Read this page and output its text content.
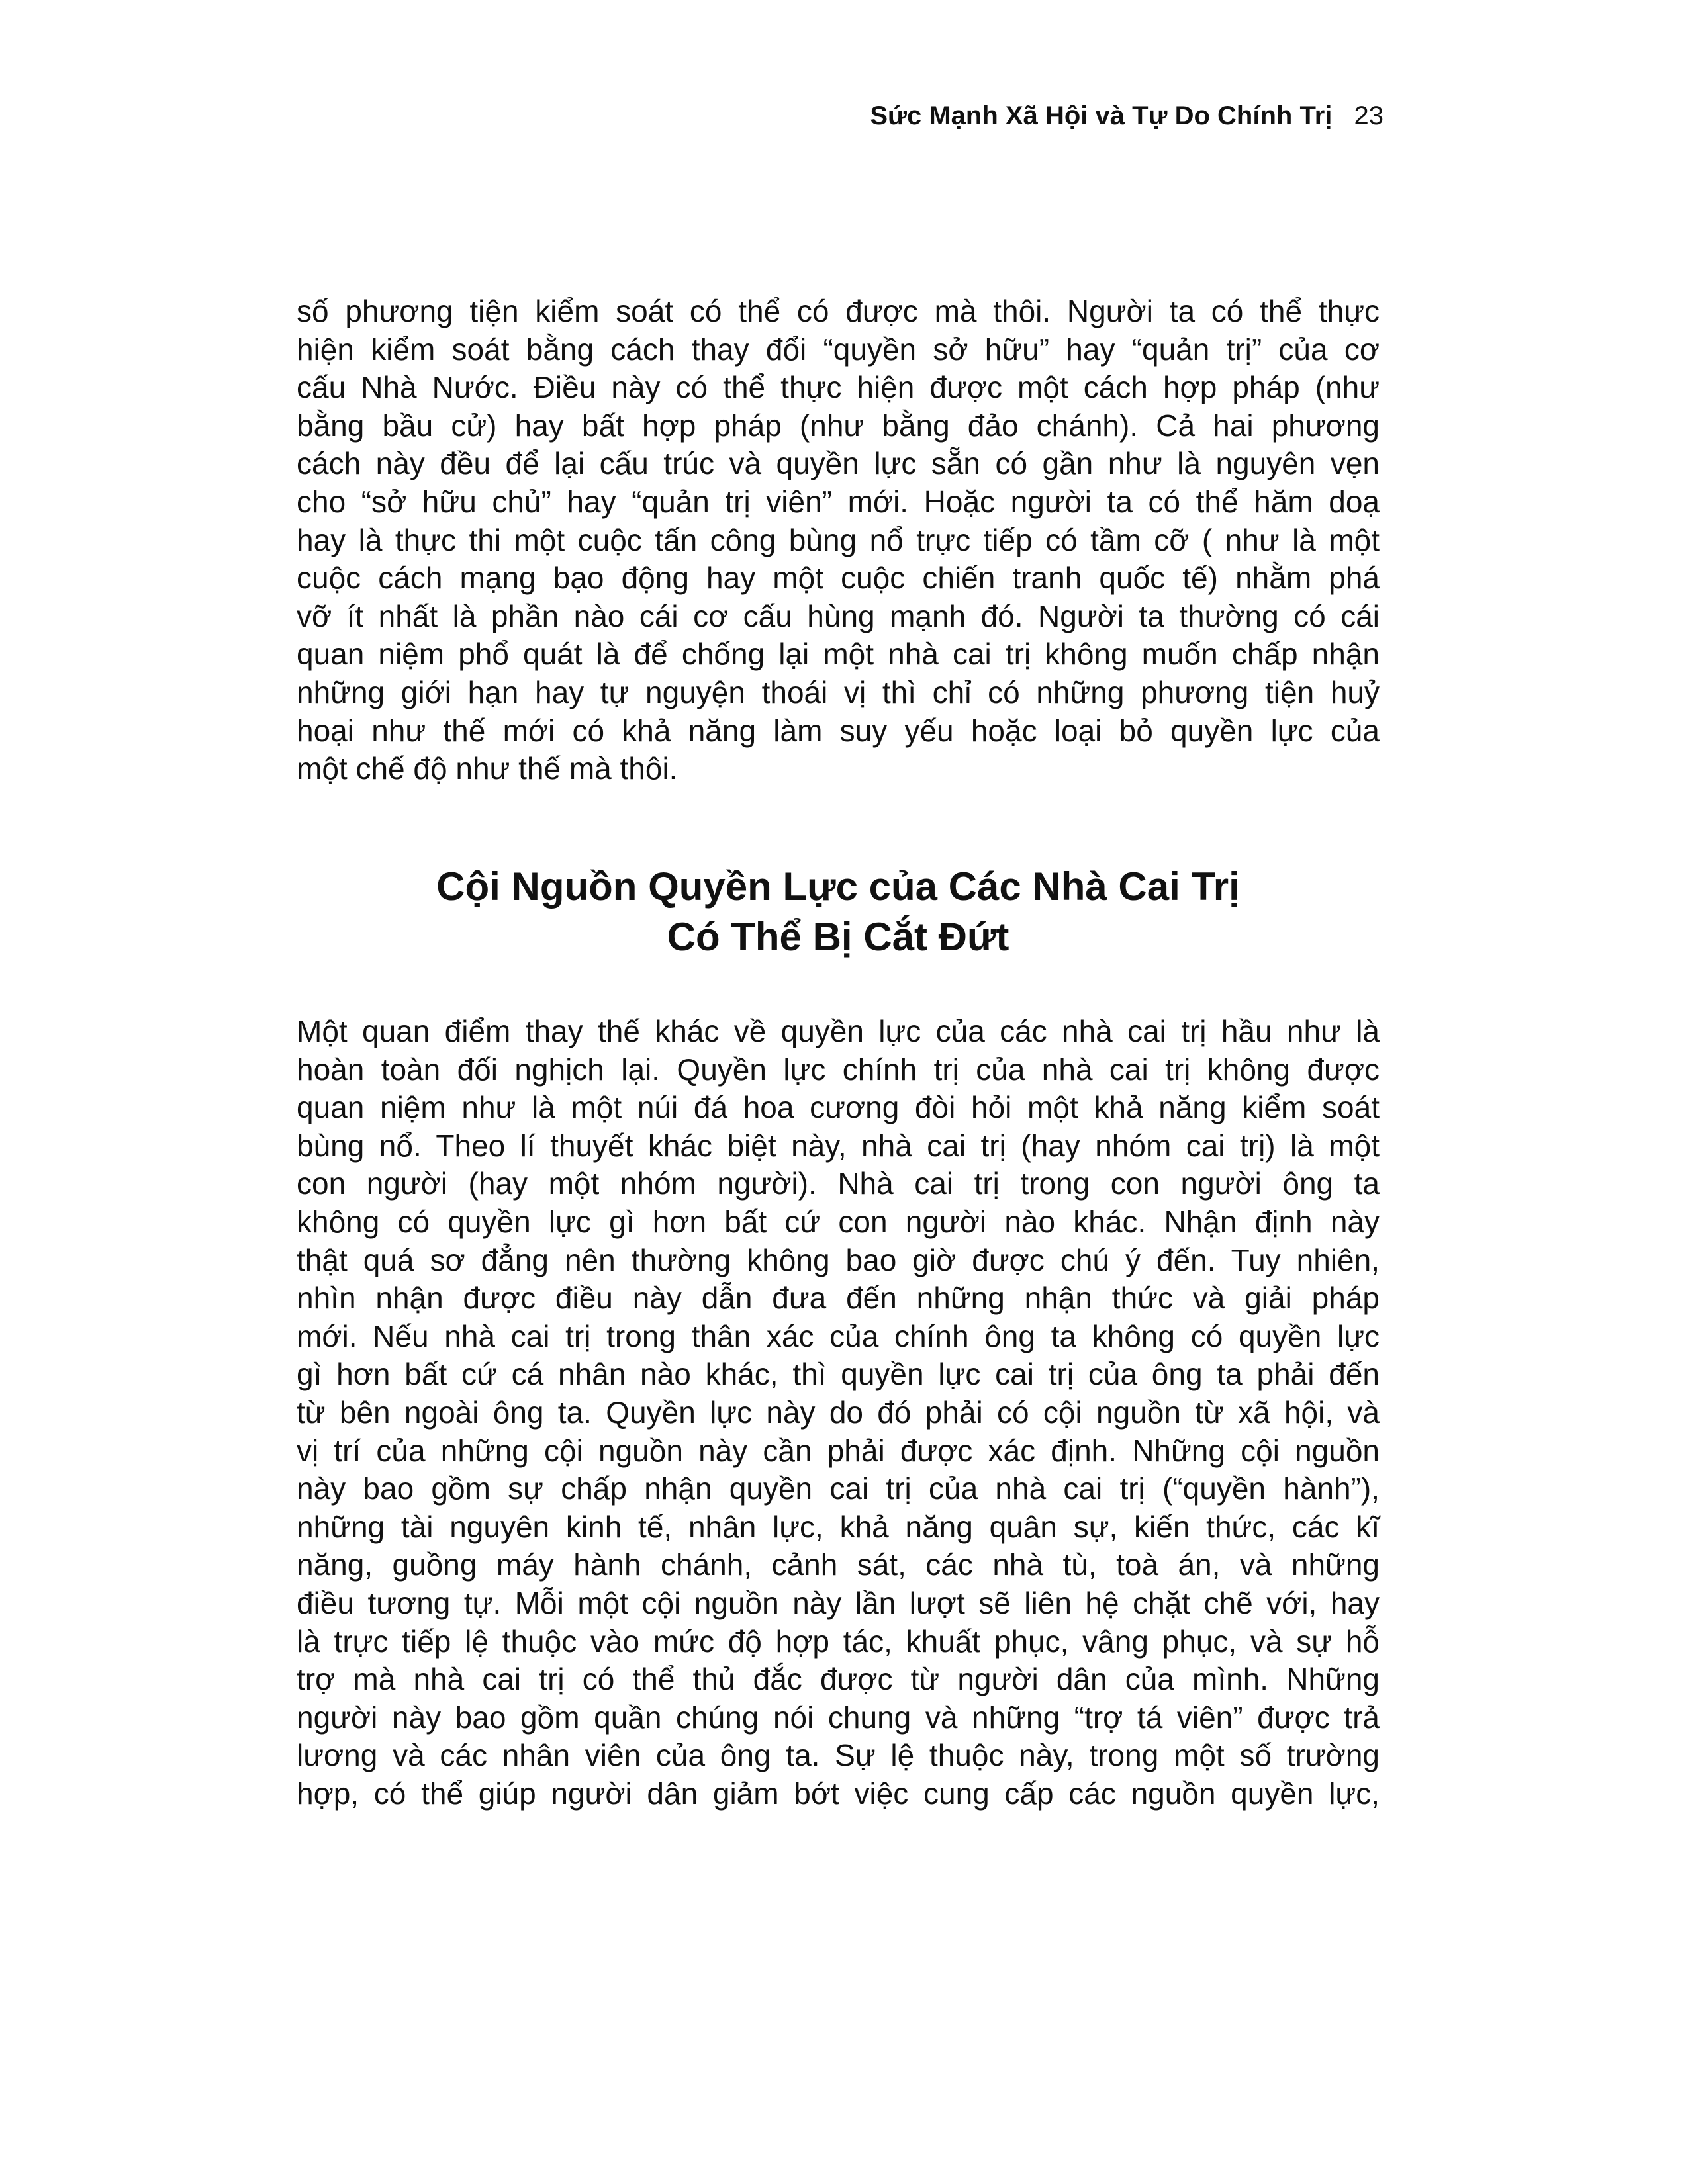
Sức Mạnh Xã Hội và Tự Do Chính Trị 23
số phương tiện kiểm soát có thể có được mà thôi. Người ta có thể thực
hiện kiểm soát bằng cách thay đổi “quyền sở hữu” hay “quản trị” của cơ
cấu Nhà Nước. Điều này có thể thực hiện được một cách hợp pháp (như
bằng bầu cử) hay bất hợp pháp (như bằng đảo chánh). Cả hai phương
cách này đều để lại cấu trúc và quyền lực sẵn có gần như là nguyên vẹn
cho “sở hữu chủ” hay “quản trị viên” mới. Hoặc người ta có thể hăm doạ
hay là thực thi một cuộc tấn công bùng nổ trực tiếp có tầm cỡ ( như là một
cuộc cách mạng bạo động hay một cuộc chiến tranh quốc tế) nhằm phá
vỡ ít nhất là phần nào cái cơ cấu hùng mạnh đó. Người ta thường có cái
quan niệm phổ quát là để chống lại một nhà cai trị không muốn chấp nhận
những giới hạn hay tự nguyện thoái vị thì chỉ có những phương tiện huỷ
hoại như thế mới có khả năng làm suy yếu hoặc loại bỏ quyền lực của
một chế độ như thế mà thôi.
Cội Nguồn Quyền Lực của Các Nhà Cai Trị
Có Thể Bị Cắt Đứt
Một quan điểm thay thế khác về quyền lực của các nhà cai trị hầu như là
hoàn toàn đối nghịch lại. Quyền lực chính trị của nhà cai trị không được
quan niệm như là một núi đá hoa cương đòi hỏi một khả năng kiểm soát
bùng nổ. Theo lí thuyết khác biệt này, nhà cai trị (hay nhóm cai trị) là một
con người (hay một nhóm người). Nhà cai trị trong con người ông ta
không có quyền lực gì hơn bất cứ con người nào khác. Nhận định này
thật quá sơ đẳng nên thường không bao giờ được chú ý đến. Tuy nhiên,
nhìn nhận được điều này dẫn đưa đến những nhận thức và giải pháp
mới. Nếu nhà cai trị trong thân xác của chính ông ta không có quyền lực
gì hơn bất cứ cá nhân nào khác, thì quyền lực cai trị của ông ta phải đến
từ bên ngoài ông ta. Quyền lực này do đó phải có cội nguồn từ xã hội, và
vị trí của những cội nguồn này cần phải được xác định. Những cội nguồn
này bao gồm sự chấp nhận quyền cai trị của nhà cai trị (“quyền hành”),
những tài nguyên kinh tế, nhân lực, khả năng quân sự, kiến thức, các kĩ
năng, guồng máy hành chánh, cảnh sát, các nhà tù, toà án, và những
điều tương tự. Mỗi một cội nguồn này lần lượt sẽ liên hệ chặt chẽ với, hay
là trực tiếp lệ thuộc vào mức độ hợp tác, khuất phục, vâng phục, và sự hỗ
trợ mà nhà cai trị có thể thủ đắc được từ người dân của mình. Những
người này bao gồm quần chúng nói chung và những “trợ tá viên” được trả
lương và các nhân viên của ông ta. Sự lệ thuộc này, trong một số trường
hợp, có thể giúp người dân giảm bớt việc cung cấp các nguồn quyền lực,
